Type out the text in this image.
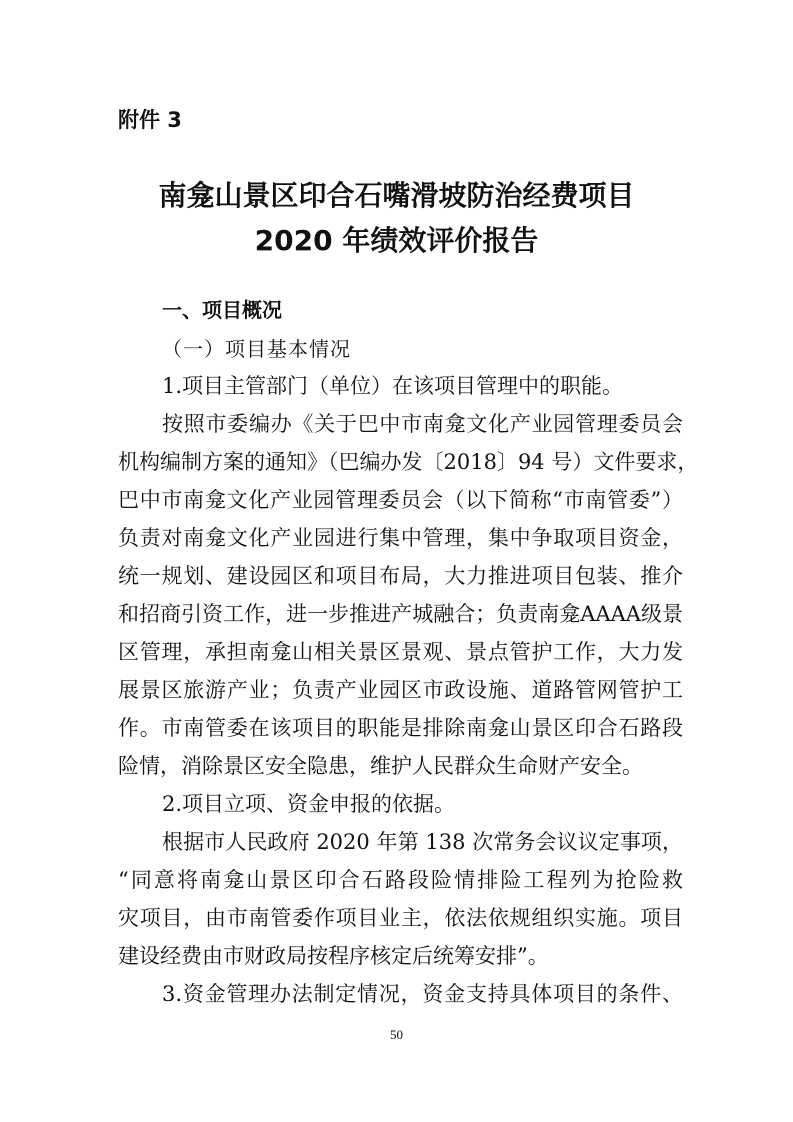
附件 3
南龛山景区印合石嘴滑坡防治经费项目
2020 年绩效评价报告
一、项目概况
（一）项目基本情况
1.项目主管部门（单位）在该项目管理中的职能。
按照市委编办《关于巴中市南龛文化产业园管理委员会
机构编制方案的通知》（巴编办发〔2018〕94 号）文件要求，
巴中市南龛文化产业园管理委员会（以下简称“市南管委”）
负责对南龛文化产业园进行集中管理，集中争取项目资金，
统一规划、建设园区和项目布局，大力推进项目包装、推介
和招商引资工作，进一步推进产城融合；负责南龛AAAA级景
区管理，承担南龛山相关景区景观、景点管护工作，大力发
展景区旅游产业；负责产业园区市政设施、道路管网管护工
作。市南管委在该项目的职能是排除南龛山景区印合石路段
险情，消除景区安全隐患，维护人民群众生命财产安全。
2.项目立项、资金申报的依据。
根据市人民政府 2020 年第 138 次常务会议议定事项，
“同意将南龛山景区印合石路段险情排险工程列为抢险救
灾项目，由市南管委作项目业主，依法依规组织实施。项目
建设经费由市财政局按程序核定后统筹安排”。
3.资金管理办法制定情况，资金支持具体项目的条件、
50
